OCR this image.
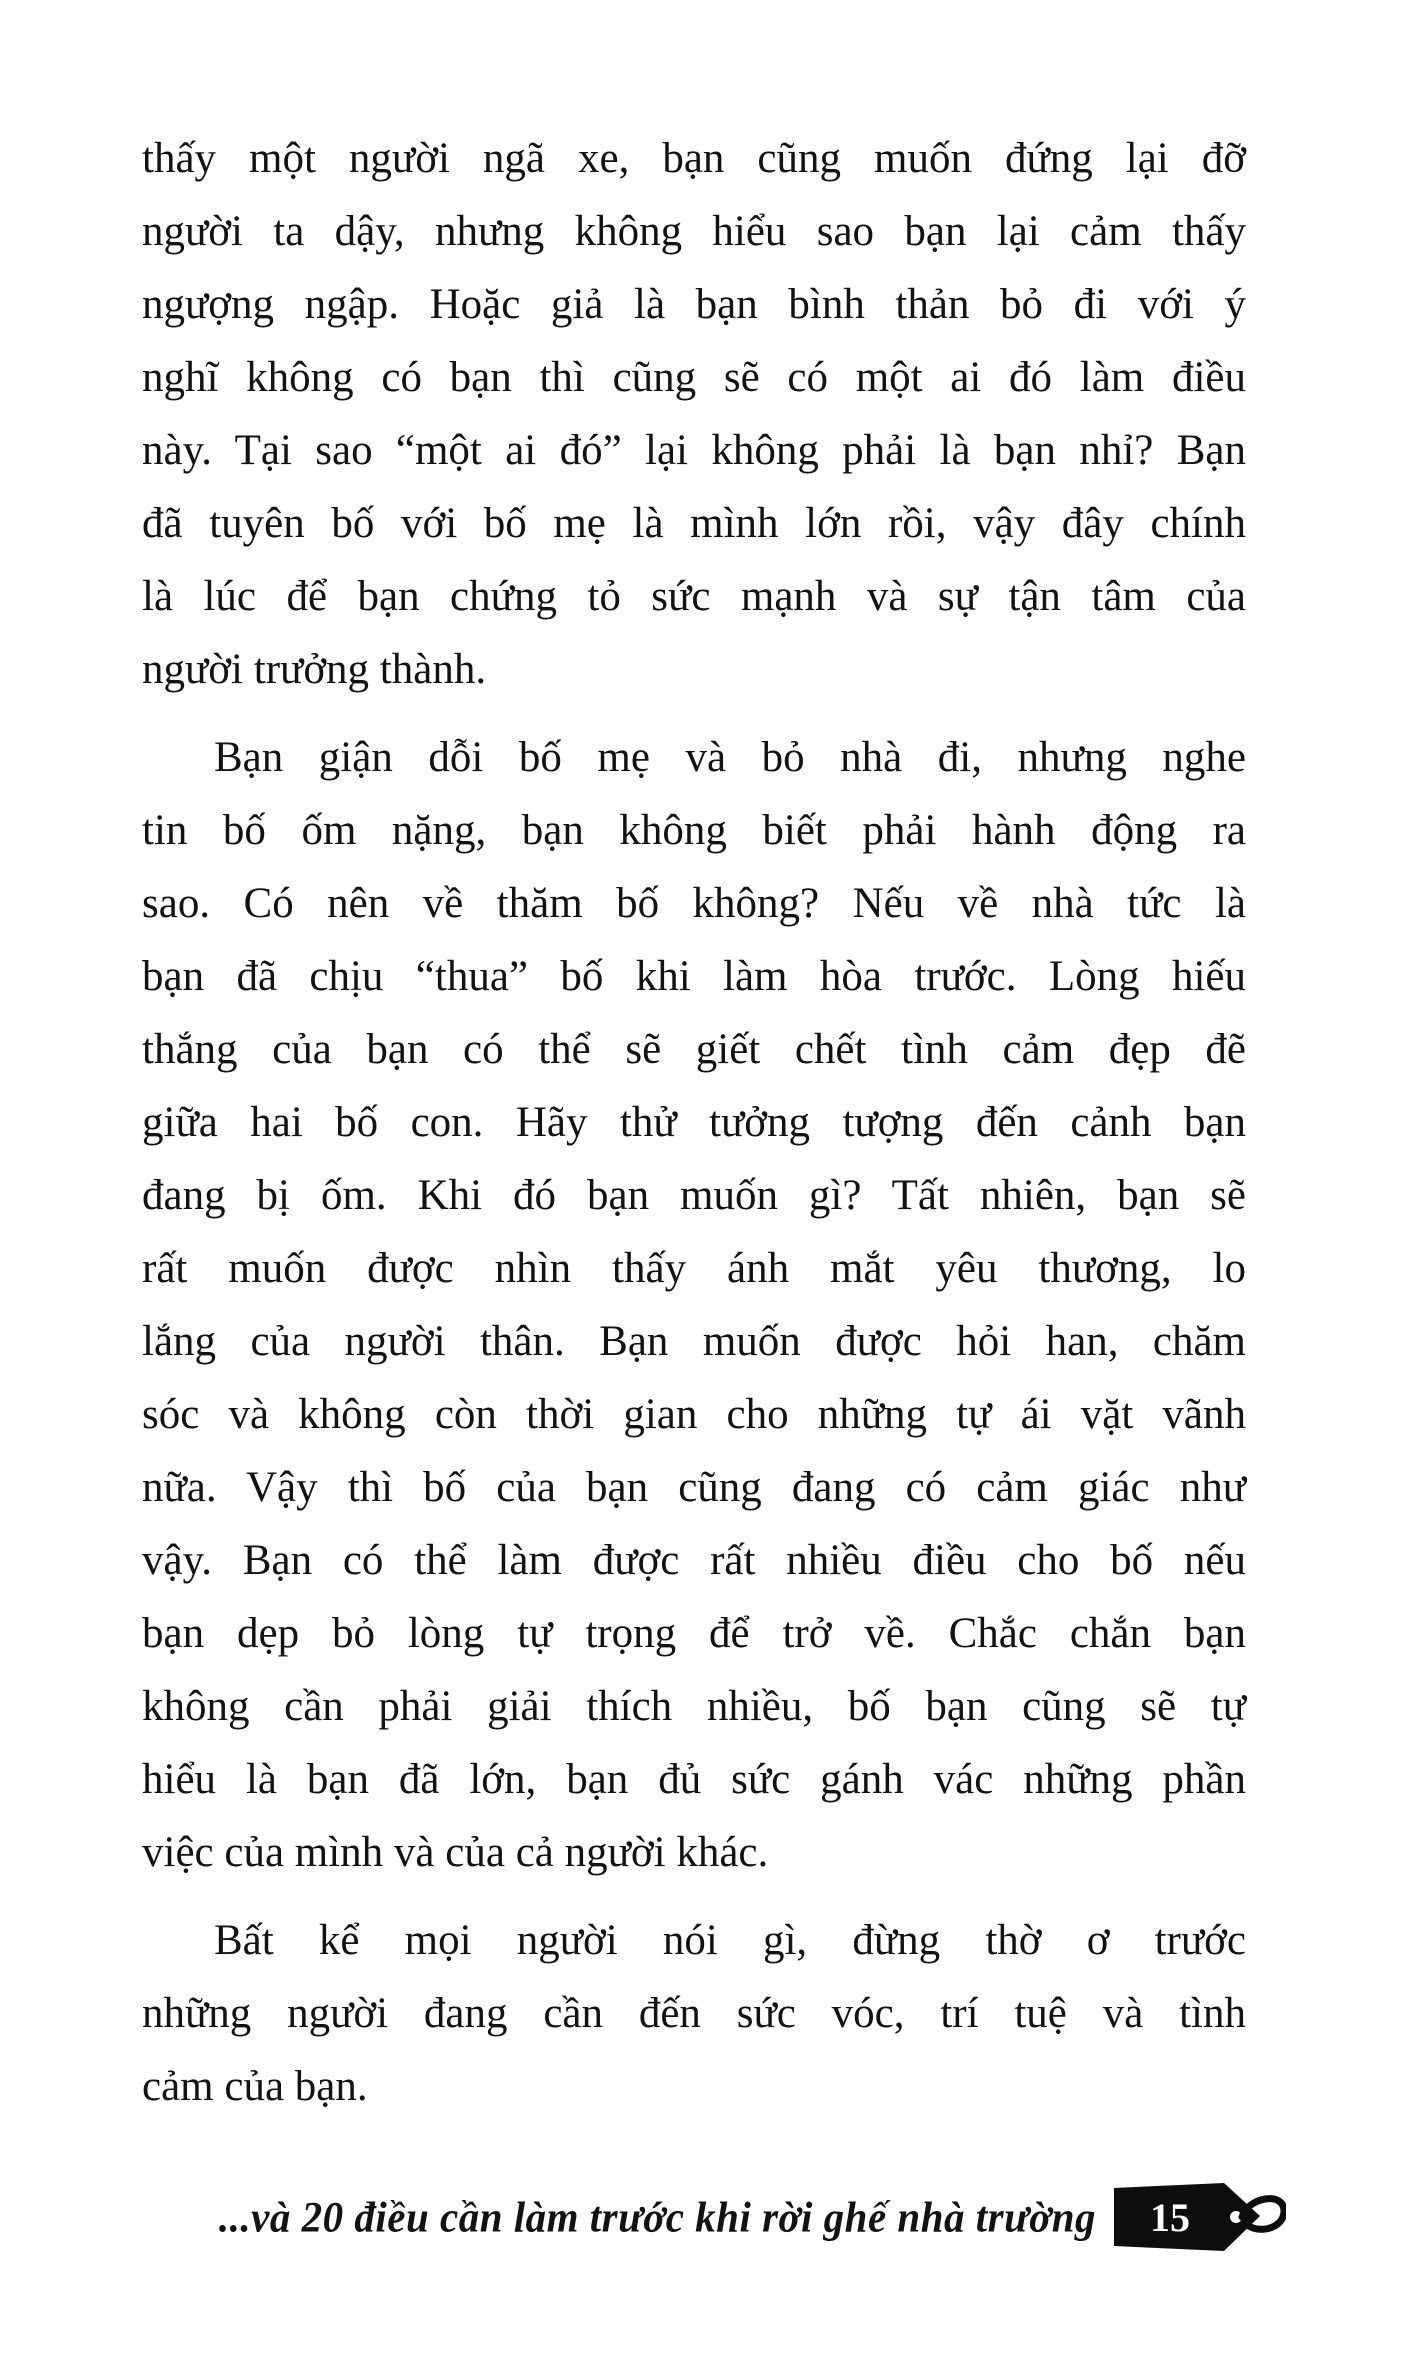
thấy một người ngã xe, bạn cũng muốn đứng lại đỡ
người ta dậy, nhưng không hiểu sao bạn lại cảm thấy
ngượng ngập. Hoặc giả là bạn bình thản bỏ đi với ý
nghĩ không có bạn thì cũng sẽ có một ai đó làm điều
này. Tại sao “một ai đó” lại không phải là bạn nhỉ? Bạn
đã tuyên bố với bố mẹ là mình lớn rồi, vậy đây chính
là lúc để bạn chứng tỏ sức mạnh và sự tận tâm của
người trưởng thành.
Bạn giận dỗi bố mẹ và bỏ nhà đi, nhưng nghe
tin bố ốm nặng, bạn không biết phải hành động ra
sao. Có nên về thăm bố không? Nếu về nhà tức là
bạn đã chịu “thua” bố khi làm hòa trước. Lòng hiếu
thắng của bạn có thể sẽ giết chết tình cảm đẹp đẽ
giữa hai bố con. Hãy thử tưởng tượng đến cảnh bạn
đang bị ốm. Khi đó bạn muốn gì? Tất nhiên, bạn sẽ
rất muốn được nhìn thấy ánh mắt yêu thương, lo
lắng của người thân. Bạn muốn được hỏi han, chăm
sóc và không còn thời gian cho những tự ái vặt vãnh
nữa. Vậy thì bố của bạn cũng đang có cảm giác như
vậy. Bạn có thể làm được rất nhiều điều cho bố nếu
bạn dẹp bỏ lòng tự trọng để trở về. Chắc chắn bạn
không cần phải giải thích nhiều, bố bạn cũng sẽ tự
hiểu là bạn đã lớn, bạn đủ sức gánh vác những phần
việc của mình và của cả người khác.
Bất kể mọi người nói gì, đừng thờ ơ trước
những người đang cần đến sức vóc, trí tuệ và tình
cảm của bạn.
...và 20 điều cần làm trước khi rời ghế nhà trường 15
